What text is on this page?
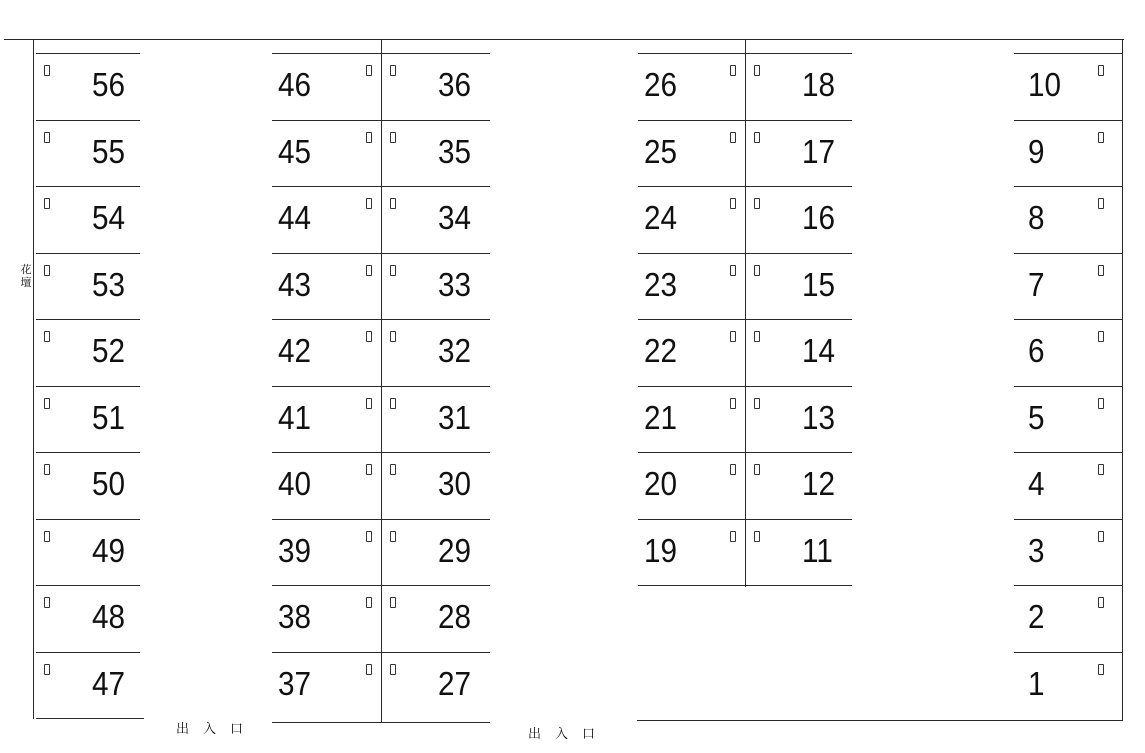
56
55
54
53
52
51
50
49
48
47
46
45
44
43
42
41
40
39
38
37
36
35
34
33
32
31
30
29
28
27
26
25
24
23
22
21
20
19
18
17
16
15
14
13
12
11
10
9
8
7
6
5
4
3
2
1
花壇
出入口	出入口
